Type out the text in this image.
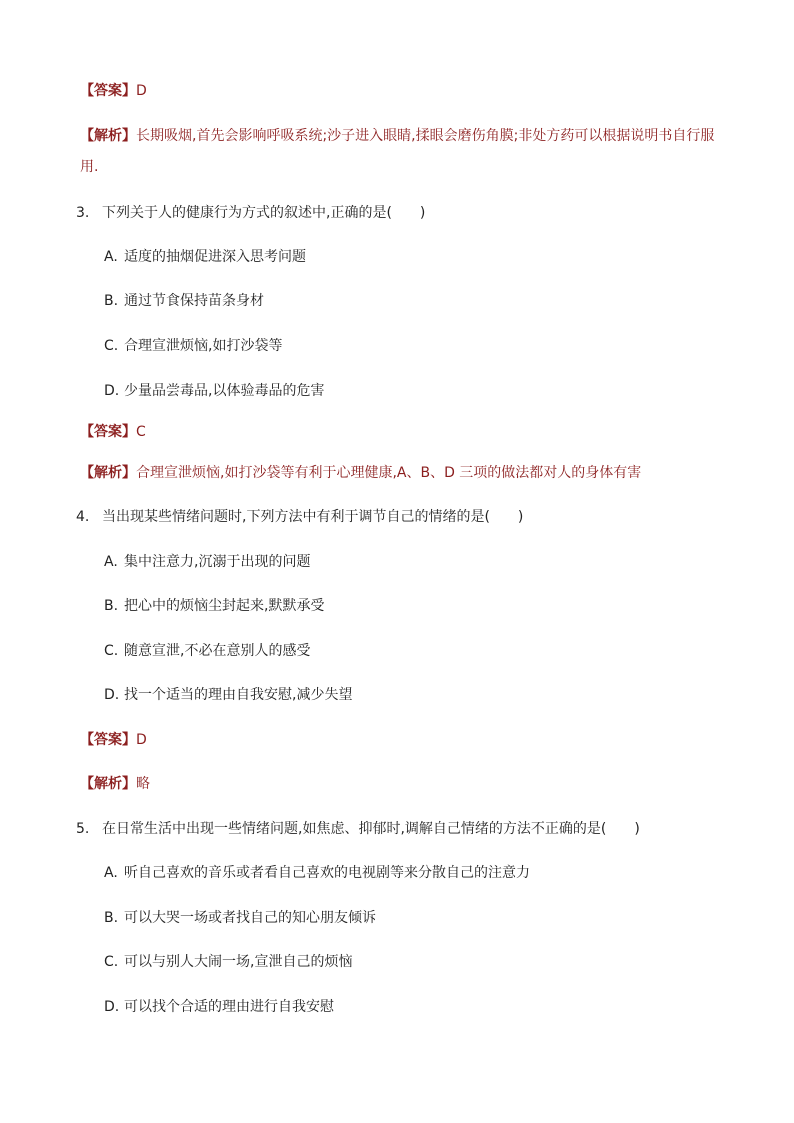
【答案】D
【解析】长期吸烟,首先会影响呼吸系统;沙子进入眼睛,揉眼会磨伤角膜;非处方药可以根据说明书自行服
用.
3. 下列关于人的健康行为方式的叙述中,正确的是(　　)
A. 适度的抽烟促进深入思考问题
B. 通过节食保持苗条身材
C. 合理宣泄烦恼,如打沙袋等
D. 少量品尝毒品,以体验毒品的危害
【答案】C
【解析】合理宣泄烦恼,如打沙袋等有利于心理健康,A、B、D 三项的做法都对人的身体有害
4. 当出现某些情绪问题时,下列方法中有利于调节自己的情绪的是(　　)
A. 集中注意力,沉溺于出现的问题
B. 把心中的烦恼尘封起来,默默承受
C. 随意宣泄,不必在意别人的感受
D. 找一个适当的理由自我安慰,减少失望
【答案】D
【解析】略
5. 在日常生活中出现一些情绪问题,如焦虑、抑郁时,调解自己情绪的方法不正确的是(　　)
A. 听自己喜欢的音乐或者看自己喜欢的电视剧等来分散自己的注意力
B. 可以大哭一场或者找自己的知心朋友倾诉
C. 可以与别人大闹一场,宣泄自己的烦恼
D. 可以找个合适的理由进行自我安慰
